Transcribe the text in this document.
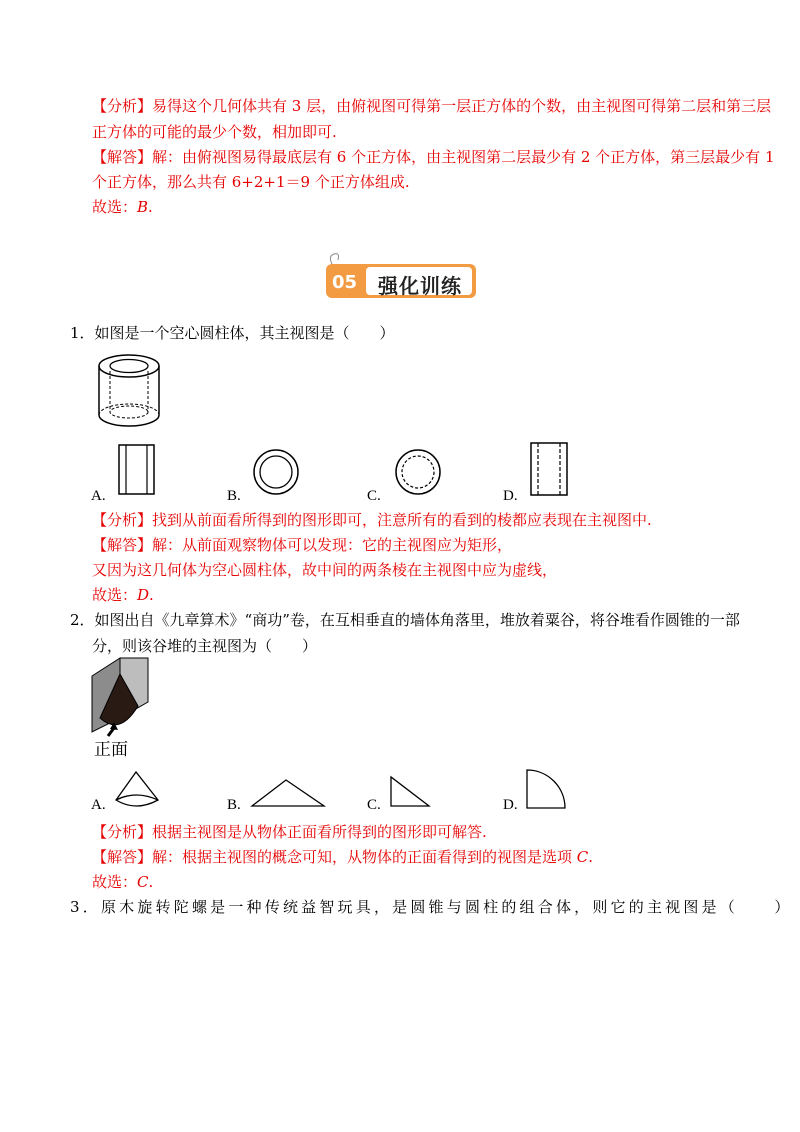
【分析】易得这个几何体共有 3 层，由俯视图可得第一层正方体的个数，由主视图可得第二层和第三层
正方体的可能的最少个数，相加即可.
【解答】解：由俯视图易得最底层有 6 个正方体，由主视图第二层最少有 2 个正方体，第三层最少有 1
个正方体，那么共有 6+2+1＝9 个正方体组成.
故选：B.
05 强化训练
1．如图是一个空心圆柱体，其主视图是（　　）
A.	B.	C.	D.
【分析】找到从前面看所得到的图形即可，注意所有的看到的棱都应表现在主视图中.
【解答】解：从前面观察物体可以发现：它的主视图应为矩形，
又因为这几何体为空心圆柱体，故中间的两条棱在主视图中应为虚线，
故选：D.
2．如图出自《九章算术》“商功”卷，在互相垂直的墙体角落里，堆放着粟谷，将谷堆看作圆锥的一部
分，则该谷堆的主视图为（　　）
正面
A.	B.	C.	D.
【分析】根据主视图是从物体正面看所得到的图形即可解答.
【解答】解：根据主视图的概念可知，从物体的正面看得到的视图是选项 C.
故选：C.
3．原木旋转陀螺是一种传统益智玩具，是圆锥与圆柱的组合体，则它的主视图是（　　）
